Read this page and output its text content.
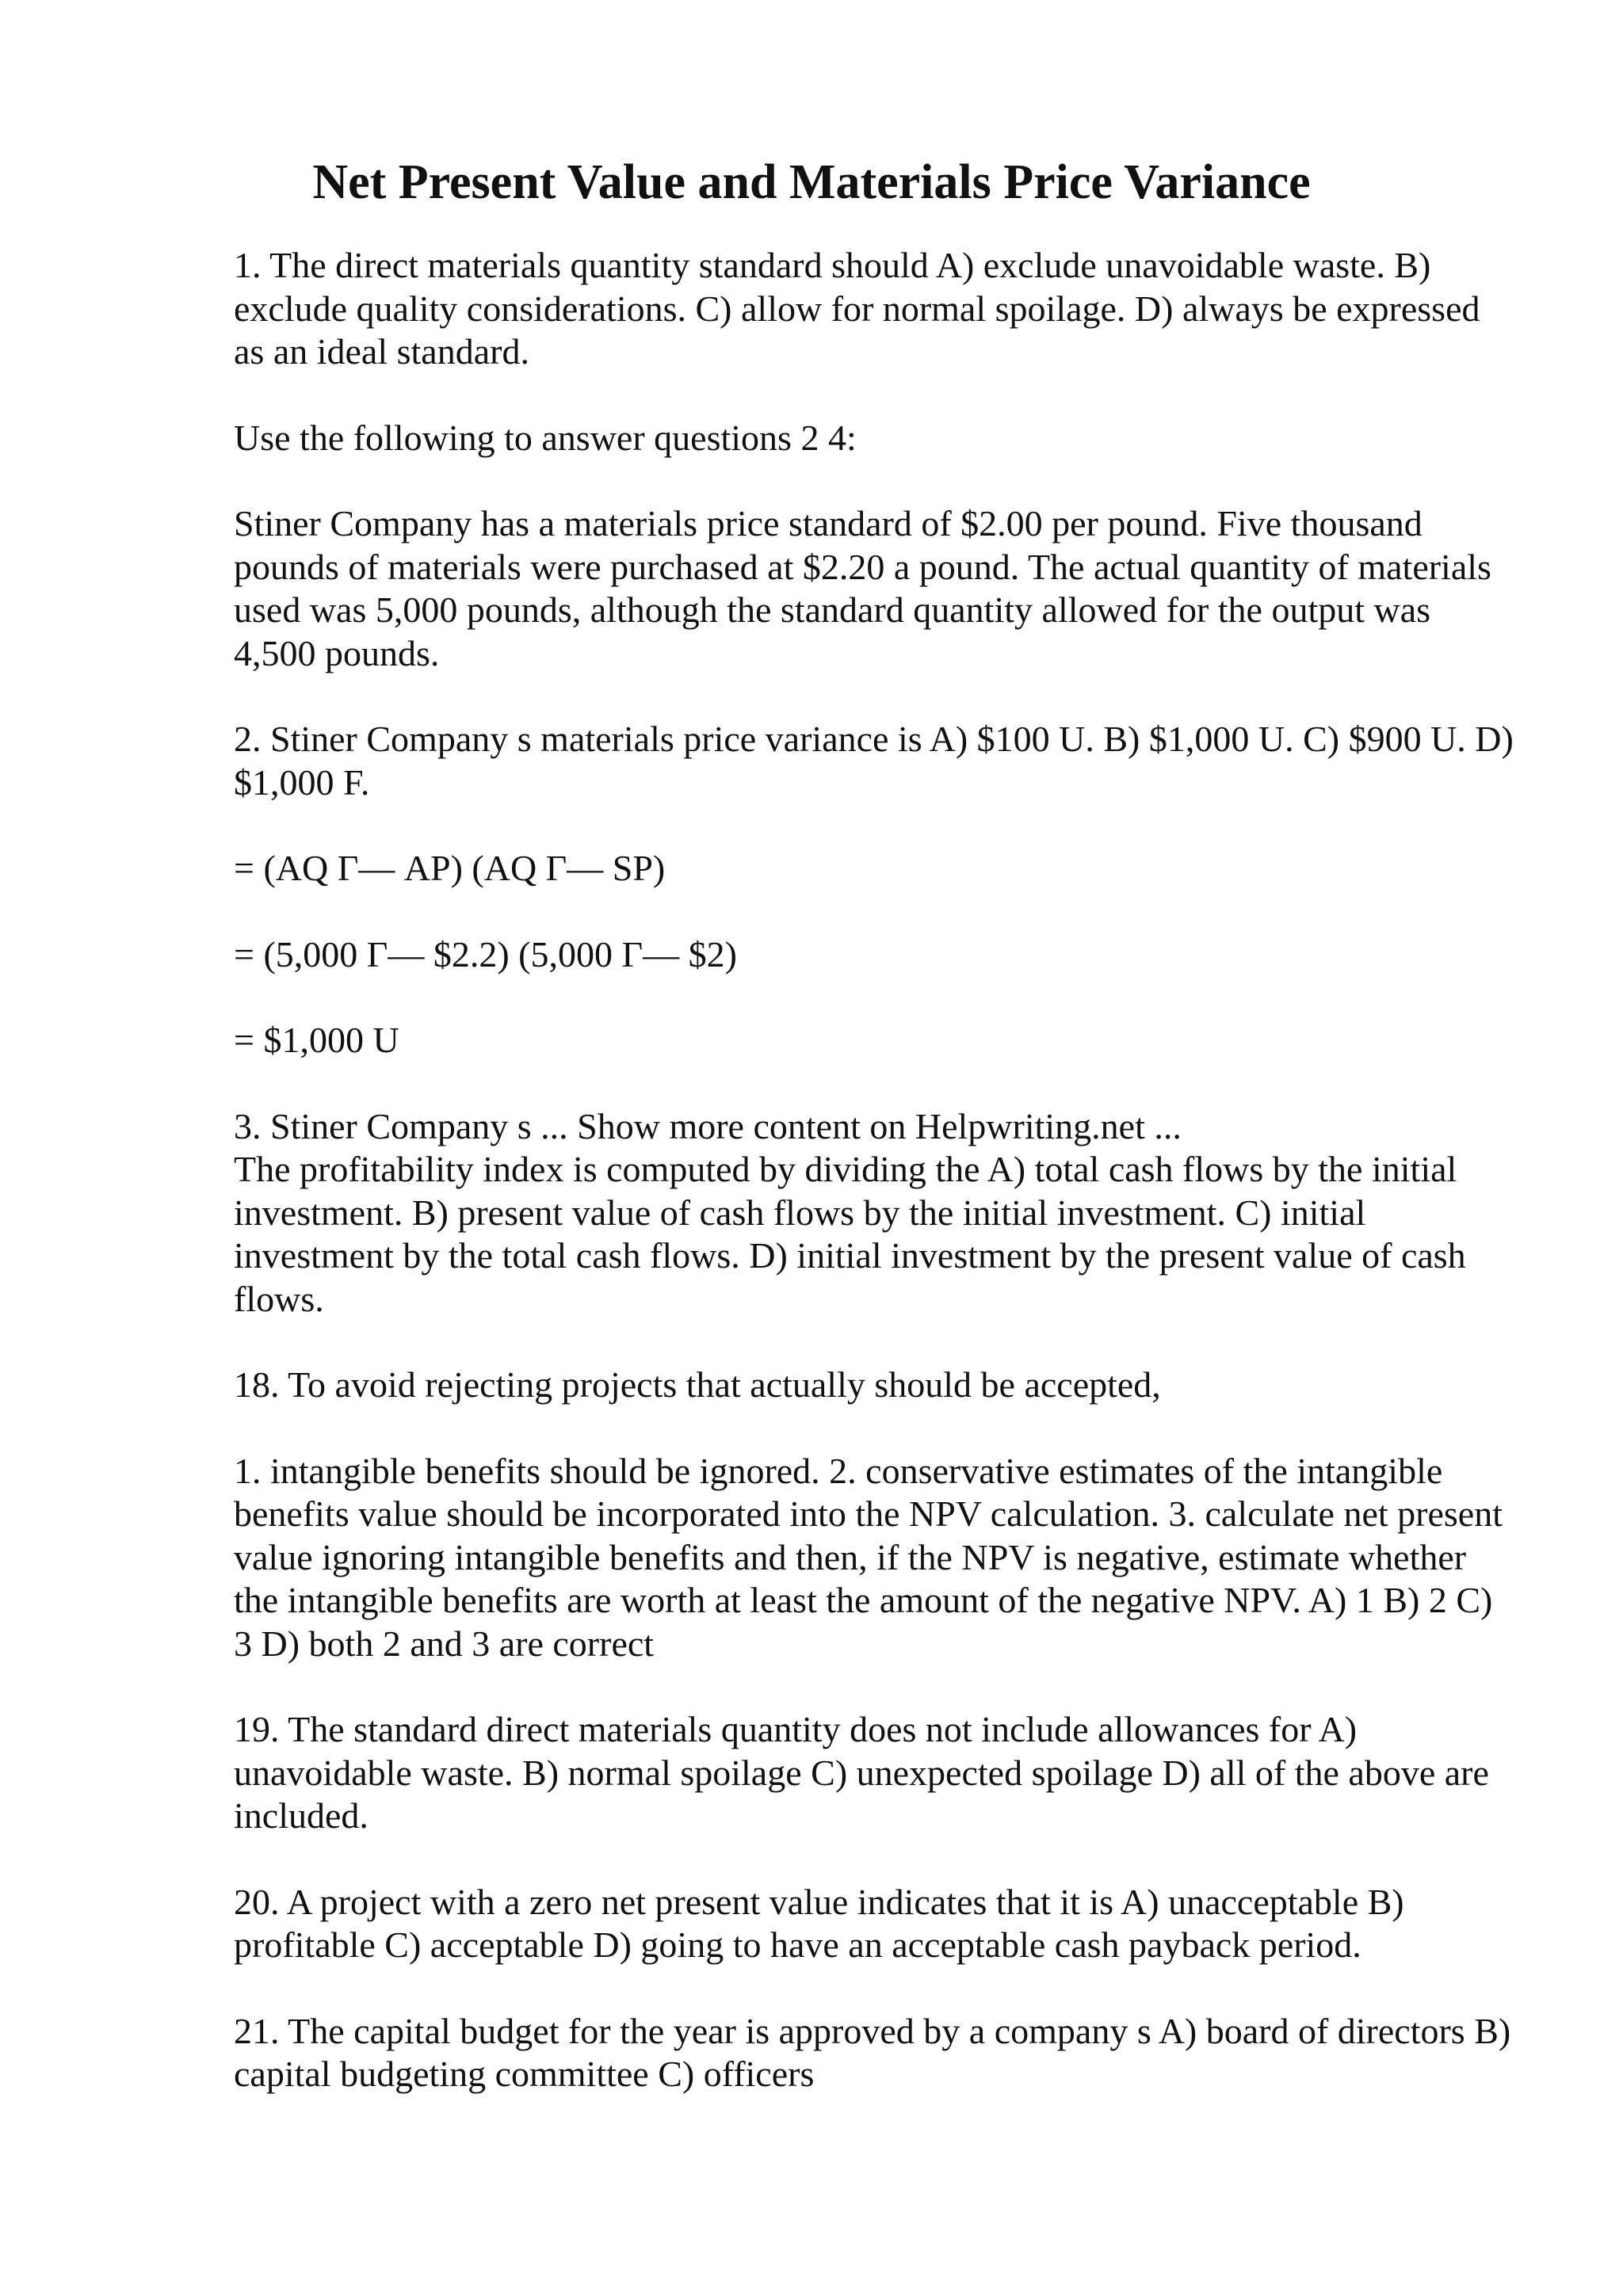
Net Present Value and Materials Price Variance

1. The direct materials quantity standard should A) exclude unavoidable waste. B) exclude quality considerations. C) allow for normal spoilage. D) always be expressed as an ideal standard.

Use the following to answer questions 2 4:

Stiner Company has a materials price standard of $2.00 per pound. Five thousand pounds of materials were purchased at $2.20 a pound. The actual quantity of materials used was 5,000 pounds, although the standard quantity allowed for the output was 4,500 pounds.

2. Stiner Company s materials price variance is A) $100 U. B) $1,000 U. C) $900 U. D) $1,000 F.

= (AQ Γ— AP) (AQ Γ— SP)

= (5,000 Γ— $2.2) (5,000 Γ— $2)

= $1,000 U

3. Stiner Company s ... Show more content on Helpwriting.net ...

The profitability index is computed by dividing the A) total cash flows by the initial investment. B) present value of cash flows by the initial investment. C) initial investment by the total cash flows. D) initial investment by the present value of cash flows.

18. To avoid rejecting projects that actually should be accepted,

1. intangible benefits should be ignored. 2. conservative estimates of the intangible benefits value should be incorporated into the NPV calculation. 3. calculate net present value ignoring intangible benefits and then, if the NPV is negative, estimate whether the intangible benefits are worth at least the amount of the negative NPV. A) 1 B) 2 C) 3 D) both 2 and 3 are correct

19. The standard direct materials quantity does not include allowances for A) unavoidable waste. B) normal spoilage C) unexpected spoilage D) all of the above are included.

20. A project with a zero net present value indicates that it is A) unacceptable B) profitable C) acceptable D) going to have an acceptable cash payback period.

21. The capital budget for the year is approved by a company s A) board of directors B) capital budgeting committee C) officers
